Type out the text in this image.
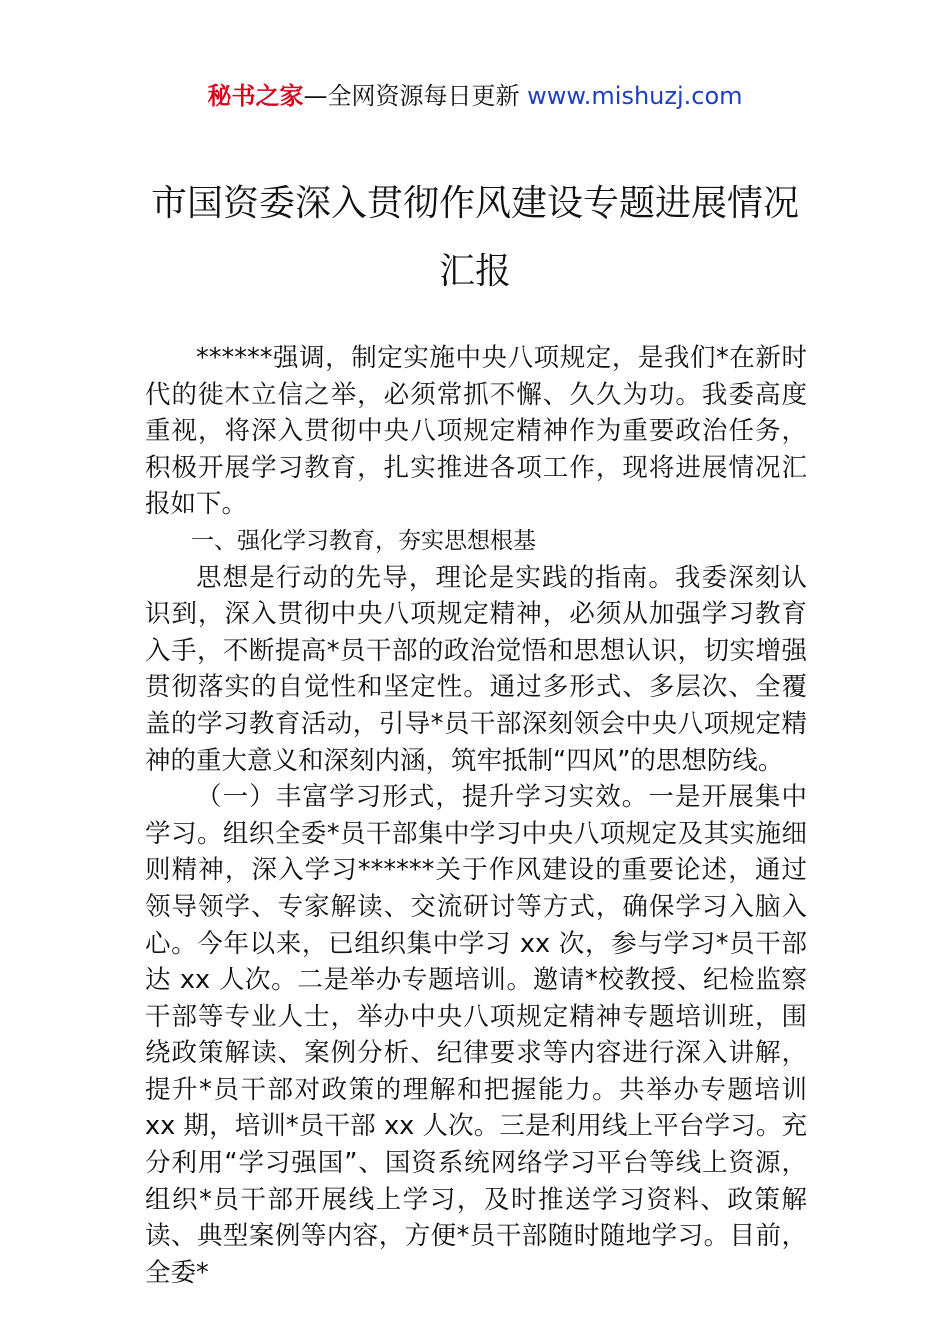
秘书之家—全网资源每日更新 www.mishuzj.com
市国资委深入贯彻作风建设专题进展情况
汇报

******强调，制定实施中央八项规定，是我们*在新时代的徙木立信之举，必须常抓不懈、久久为功。我委高度重视，将深入贯彻中央八项规定精神作为重要政治任务，积极开展学习教育，扎实推进各项工作，现将进展情况汇报如下。

一、强化学习教育，夯实思想根基

思想是行动的先导，理论是实践的指南。我委深刻认识到，深入贯彻中央八项规定精神，必须从加强学习教育入手，不断提高*员干部的政治觉悟和思想认识，切实增强贯彻落实的自觉性和坚定性。通过多形式、多层次、全覆盖的学习教育活动，引导*员干部深刻领会中央八项规定精神的重大意义和深刻内涵，筑牢抵制“四风”的思想防线。

（一）丰富学习形式，提升学习实效。一是开展集中学习。组织全委*员干部集中学习中央八项规定及其实施细则精神，深入学习******关于作风建设的重要论述，通过领导领学、专家解读、交流研讨等方式，确保学习入脑入心。今年以来，已组织集中学习 xx 次，参与学习*员干部达 xx 人次。二是举办专题培训。邀请*校教授、纪检监察干部等专业人士，举办中央八项规定精神专题培训班，围绕政策解读、案例分析、纪律要求等内容进行深入讲解，提升*员干部对政策的理解和把握能力。共举办专题培训 xx 期，培训*员干部 xx 人次。三是利用线上平台学习。充分利用“学习强国”、国资系统网络学习平台等线上资源，组织*员干部开展线上学习，及时推送学习资料、政策解读、典型案例等内容，方便*员干部随时随地学习。目前，全委*
